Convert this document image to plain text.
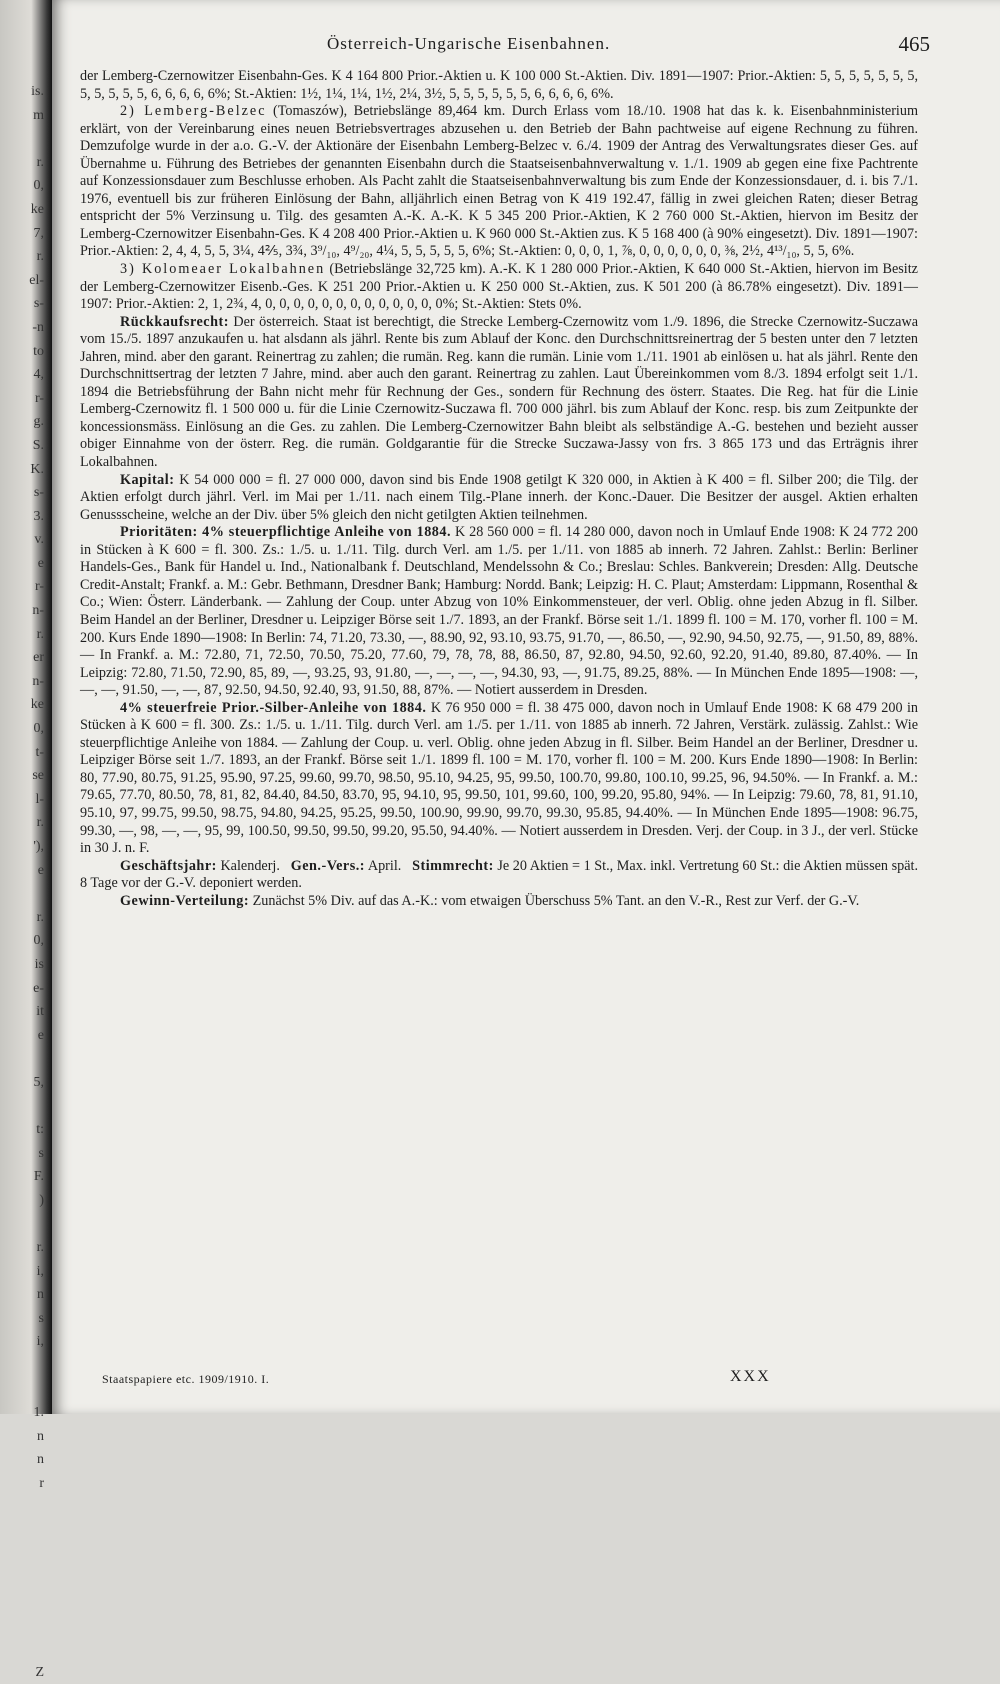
is.
m
r.
0,
ke
7,
r.
el-
s-
-n
to
4,
r-
g.
S.
K.
s-
3.
v.
e
r-
n-
r.
er
n-
ke
0,
t-
se
l-
r.
'),
e
r.
0,
is
e-
it
e
5,
t:
s
F.
)
r.
i,
n
s
i,
1.
n
n
r
Z
Österreich-Ungarische Eisenbahnen.	465

der Lemberg-Czernowitzer Eisenbahn-Ges. K 4 164 800 Prior.-Aktien u. K 100 000 St.-Aktien. Div. 1891—1907: Prior.-Aktien: 5, 5, 5, 5, 5, 5, 5, 5, 5, 5, 5, 5, 6, 6, 6, 6, 6%; St.-Aktien: 1½, 1¼, 1¼, 1½, 2¼, 3½, 5, 5, 5, 5, 5, 5, 6, 6, 6, 6, 6%.

2) Lemberg-Belzec (Tomaszów), Betriebslänge 89,464 km. Durch Erlass vom 18./10. 1908 hat das k. k. Eisenbahnministerium erklärt, von der Vereinbarung eines neuen Betriebsvertrages abzusehen u. den Betrieb der Bahn pachtweise auf eigene Rechnung zu führen. Demzufolge wurde in der a.o. G.-V. der Aktionäre der Eisenbahn Lemberg-Belzec v. 6./4. 1909 der Antrag des Verwaltungsrates dieser Ges. auf Übernahme u. Führung des Betriebes der genannten Eisenbahn durch die Staatseisenbahnverwaltung v. 1./1. 1909 ab gegen eine fixe Pachtrente auf Konzessionsdauer zum Beschlusse erhoben. Als Pacht zahlt die Staatseisenbahnverwaltung bis zum Ende der Konzessionsdauer, d. i. bis 7./1. 1976, eventuell bis zur früheren Einlösung der Bahn, alljährlich einen Betrag von K 419 192.47, fällig in zwei gleichen Raten; dieser Betrag entspricht der 5% Verzinsung u. Tilg. des gesamten A.-K. A.-K. K 5 345 200 Prior.-Aktien, K 2 760 000 St.-Aktien, hiervon im Besitz der Lemberg-Czernowitzer Eisenbahn-Ges. K 4 208 400 Prior.-Aktien u. K 960 000 St.-Aktien zus. K 5 168 400 (à 90% eingesetzt). Div. 1891—1907: Prior.-Aktien: 2, 4, 4, 5, 5, 3¼, 4⅖, 3¾, 3⁹/₁₀, 4⁹/₂₀, 4¼, 5, 5, 5, 5, 5, 6%; St.-Aktien: 0, 0, 0, 1, ⅞, 0, 0, 0, 0, 0, 0, ⅜, 2½, 4¹³/₁₀, 5, 5, 6%.

3) Kolomeaer Lokalbahnen (Betriebslänge 32,725 km). A.-K. K 1 280 000 Prior.-Aktien, K 640 000 St.-Aktien, hiervon im Besitz der Lemberg-Czernowitzer Eisenb.-Ges. K 251 200 Prior.-Aktien u. K 250 000 St.-Aktien, zus. K 501 200 (à 86.78% eingesetzt). Div. 1891—1907: Prior.-Aktien: 2, 1, 2¾, 4, 0, 0, 0, 0, 0, 0, 0, 0, 0, 0, 0, 0, 0%; St.-Aktien: Stets 0%.

Rückkaufsrecht: Der österreich. Staat ist berechtigt, die Strecke Lemberg-Czernowitz vom 1./9. 1896, die Strecke Czernowitz-Suczawa vom 15./5. 1897 anzukaufen u. hat alsdann als jährl. Rente bis zum Ablauf der Konc. den Durchschnittsreinertrag der 5 besten unter den 7 letzten Jahren, mind. aber den garant. Reinertrag zu zahlen; die rumän. Reg. kann die rumän. Linie vom 1./11. 1901 ab einlösen u. hat als jährl. Rente den Durchschnittsertrag der letzten 7 Jahre, mind. aber auch den garant. Reinertrag zu zahlen. Laut Übereinkommen vom 8./3. 1894 erfolgt seit 1./1. 1894 die Betriebsführung der Bahn nicht mehr für Rechnung der Ges., sondern für Rechnung des österr. Staates. Die Reg. hat für die Linie Lemberg-Czernowitz fl. 1 500 000 u. für die Linie Czernowitz-Suczawa fl. 700 000 jährl. bis zum Ablauf der Konc. resp. bis zum Zeitpunkte der koncessionsmäss. Einlösung an die Ges. zu zahlen. Die Lemberg-Czernowitzer Bahn bleibt als selbständige A.-G. bestehen und bezieht ausser obiger Einnahme von der österr. Reg. die rumän. Goldgarantie für die Strecke Suczawa-Jassy von frs. 3 865 173 und das Erträgnis ihrer Lokalbahnen.

Kapital: K 54 000 000 = fl. 27 000 000, davon sind bis Ende 1908 getilgt K 320 000, in Aktien à K 400 = fl. Silber 200; die Tilg. der Aktien erfolgt durch jährl. Verl. im Mai per 1./11. nach einem Tilg.-Plane innerh. der Konc.-Dauer. Die Besitzer der ausgel. Aktien erhalten Genussscheine, welche an der Div. über 5% gleich den nicht getilgten Aktien teilnehmen.

Prioritäten: 4% steuerpflichtige Anleihe von 1884. K 28 560 000 = fl. 14 280 000, davon noch in Umlauf Ende 1908: K 24 772 200 in Stücken à K 600 = fl. 300. Zs.: 1./5. u. 1./11. Tilg. durch Verl. am 1./5. per 1./11. von 1885 ab innerh. 72 Jahren. Zahlst.: Berlin: Berliner Handels-Ges., Bank für Handel u. Ind., Nationalbank f. Deutschland, Mendelssohn & Co.; Breslau: Schles. Bankverein; Dresden: Allg. Deutsche Credit-Anstalt; Frankf. a. M.: Gebr. Bethmann, Dresdner Bank; Hamburg: Nordd. Bank; Leipzig: H. C. Plaut; Amsterdam: Lippmann, Rosenthal & Co.; Wien: Österr. Länderbank. — Zahlung der Coup. unter Abzug von 10% Einkommensteuer, der verl. Oblig. ohne jeden Abzug in fl. Silber. Beim Handel an der Berliner, Dresdner u. Leipziger Börse seit 1./7. 1893, an der Frankf. Börse seit 1./1. 1899 fl. 100 = M. 170, vorher fl. 100 = M. 200. Kurs Ende 1890—1908: In Berlin: 74, 71.20, 73.30, —, 88.90, 92, 93.10, 93.75, 91.70, —, 86.50, —, 92.90, 94.50, 92.75, —, 91.50, 89, 88%. — In Frankf. a. M.: 72.80, 71, 72.50, 70.50, 75.20, 77.60, 79, 78, 78, 88, 86.50, 87, 92.80, 94.50, 92.60, 92.20, 91.40, 89.80, 87.40%. — In Leipzig: 72.80, 71.50, 72.90, 85, 89, —, 93.25, 93, 91.80, —, —, —, —, 94.30, 93, —, 91.75, 89.25, 88%. — In München Ende 1895—1908: —, —, —, 91.50, —, —, 87, 92.50, 94.50, 92.40, 93, 91.50, 88, 87%. — Notiert ausserdem in Dresden.

4% steuerfreie Prior.-Silber-Anleihe von 1884. K 76 950 000 = fl. 38 475 000, davon noch in Umlauf Ende 1908: K 68 479 200 in Stücken à K 600 = fl. 300. Zs.: 1./5. u. 1./11. Tilg. durch Verl. am 1./5. per 1./11. von 1885 ab innerh. 72 Jahren, Verstärk. zulässig. Zahlst.: Wie steuerpflichtige Anleihe von 1884. — Zahlung der Coup. u. verl. Oblig. ohne jeden Abzug in fl. Silber. Beim Handel an der Berliner, Dresdner u. Leipziger Börse seit 1./7. 1893, an der Frankf. Börse seit 1./1. 1899 fl. 100 = M. 170, vorher fl. 100 = M. 200. Kurs Ende 1890—1908: In Berlin: 80, 77.90, 80.75, 91.25, 95.90, 97.25, 99.60, 99.70, 98.50, 95.10, 94.25, 95, 99.50, 100.70, 99.80, 100.10, 99.25, 96, 94.50%. — In Frankf. a. M.: 79.65, 77.70, 80.50, 78, 81, 82, 84.40, 84.50, 83.70, 95, 94.10, 95, 99.50, 101, 99.60, 100, 99.20, 95.80, 94%. — In Leipzig: 79.60, 78, 81, 91.10, 95.10, 97, 99.75, 99.50, 98.75, 94.80, 94.25, 95.25, 99.50, 100.90, 99.90, 99.70, 99.30, 95.85, 94.40%. — In München Ende 1895—1908: 96.75, 99.30, —, 98, —, —, 95, 99, 100.50, 99.50, 99.50, 99.20, 95.50, 94.40%. — Notiert ausserdem in Dresden. Verj. der Coup. in 3 J., der verl. Stücke in 30 J. n. F.

Geschäftsjahr: Kalenderj. Gen.-Vers.: April. Stimmrecht: Je 20 Aktien = 1 St., Max. inkl. Vertretung 60 St.: die Aktien müssen spät. 8 Tage vor der G.-V. deponiert werden.

Gewinn-Verteilung: Zunächst 5% Div. auf das A.-K.: vom etwaigen Überschuss 5% Tant. an den V.-R., Rest zur Verf. der G.-V.

Staatspapiere etc. 1909/1910. I.	XXX
